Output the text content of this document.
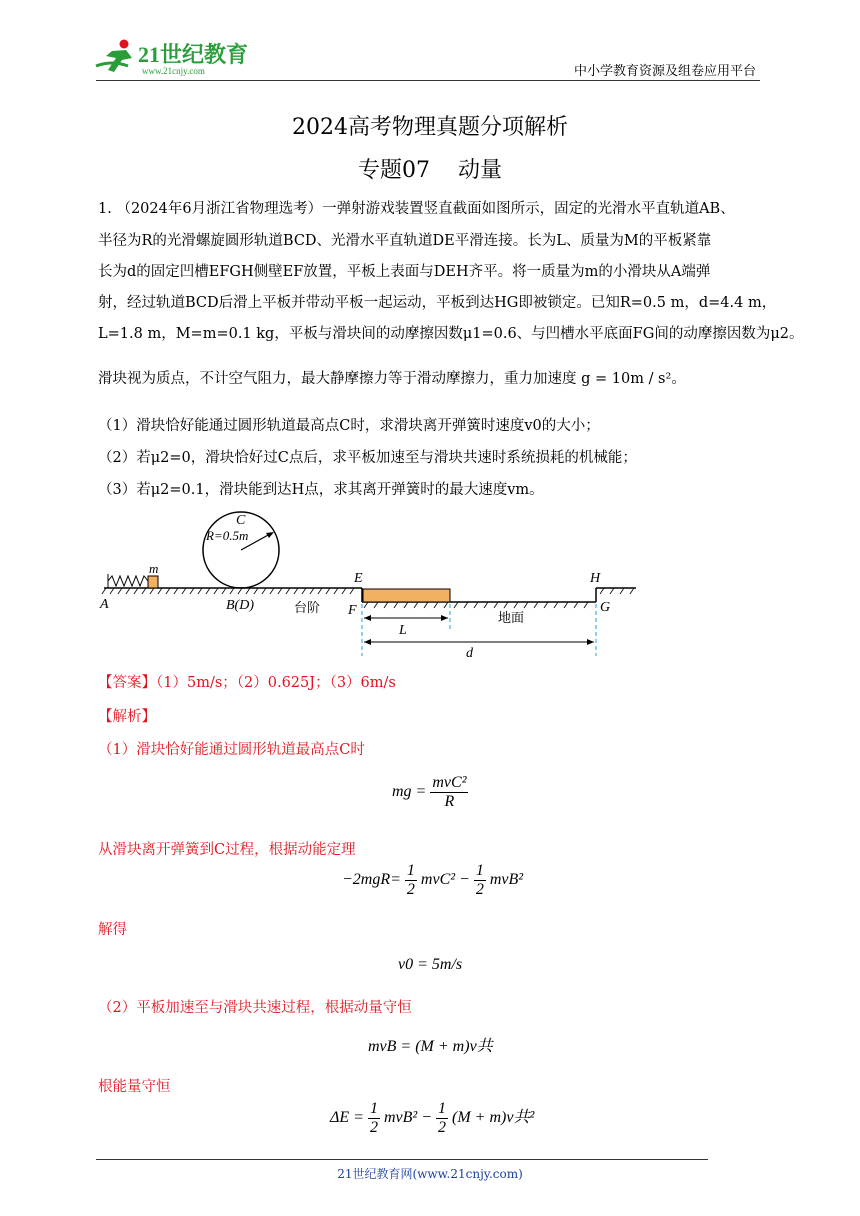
21世纪教育
www.21cnjy.com	中小学教育资源及组卷应用平台
2024高考物理真题分项解析
专题07 动量
1. （2024年6月浙江省物理选考）一弹射游戏装置竖直截面如图所示，固定的光滑水平直轨道AB、
半径为R的光滑螺旋圆形轨道BCD、光滑水平直轨道DE平滑连接。长为L、质量为M的平板紧靠
长为d的固定凹槽EFGH侧壁EF放置，平板上表面与DEH齐平。将一质量为m的小滑块从A端弹
射，经过轨道BCD后滑上平板并带动平板一起运动，平板到达HG即被锁定。已知R=0.5 m，d=4.4 m，
L=1.8 m，M=m=0.1 kg，平板与滑块间的动摩擦因数μ1=0.6、与凹槽水平底面FG间的动摩擦因数为μ2。
滑块视为质点，不计空气阻力，最大静摩擦力等于滑动摩擦力，重力加速度 g = 10m / s²。
（1）滑块恰好能通过圆形轨道最高点C时，求滑块离开弹簧时速度v0的大小；
（2）若μ2=0，滑块恰好过C点后，求平板加速至与滑块共速时系统损耗的机械能；
（3）若μ2=0.1，滑块能到达H点，求其离开弹簧时的最大速度vm。
m
A
C
R=0.5m
B(D)	台阶
E
F
H
G
地面
L
d
【答案】（1）5m/s；（2）0.625J；（3）6m/s
【解析】
（1）滑块恰好能通过圆形轨道最高点C时
mg = $\frac{\text{mvC²}}{R}$
从滑块离开弹簧到C过程，根据动能定理
$-2mgR= \frac{1}{2} mvC^2 - \frac{1}{2} mvB^2$
解得
v0 = 5m/s
（2）平板加速至与滑块共速过程，根据动量守恒
mvB = (M + m)v共
根能量守恒
$\Delta E = \frac{1}{2} mvB^2 - \frac{1}{2} (M + m)v$共²
21世纪教育网(www.21cnjy.com)
